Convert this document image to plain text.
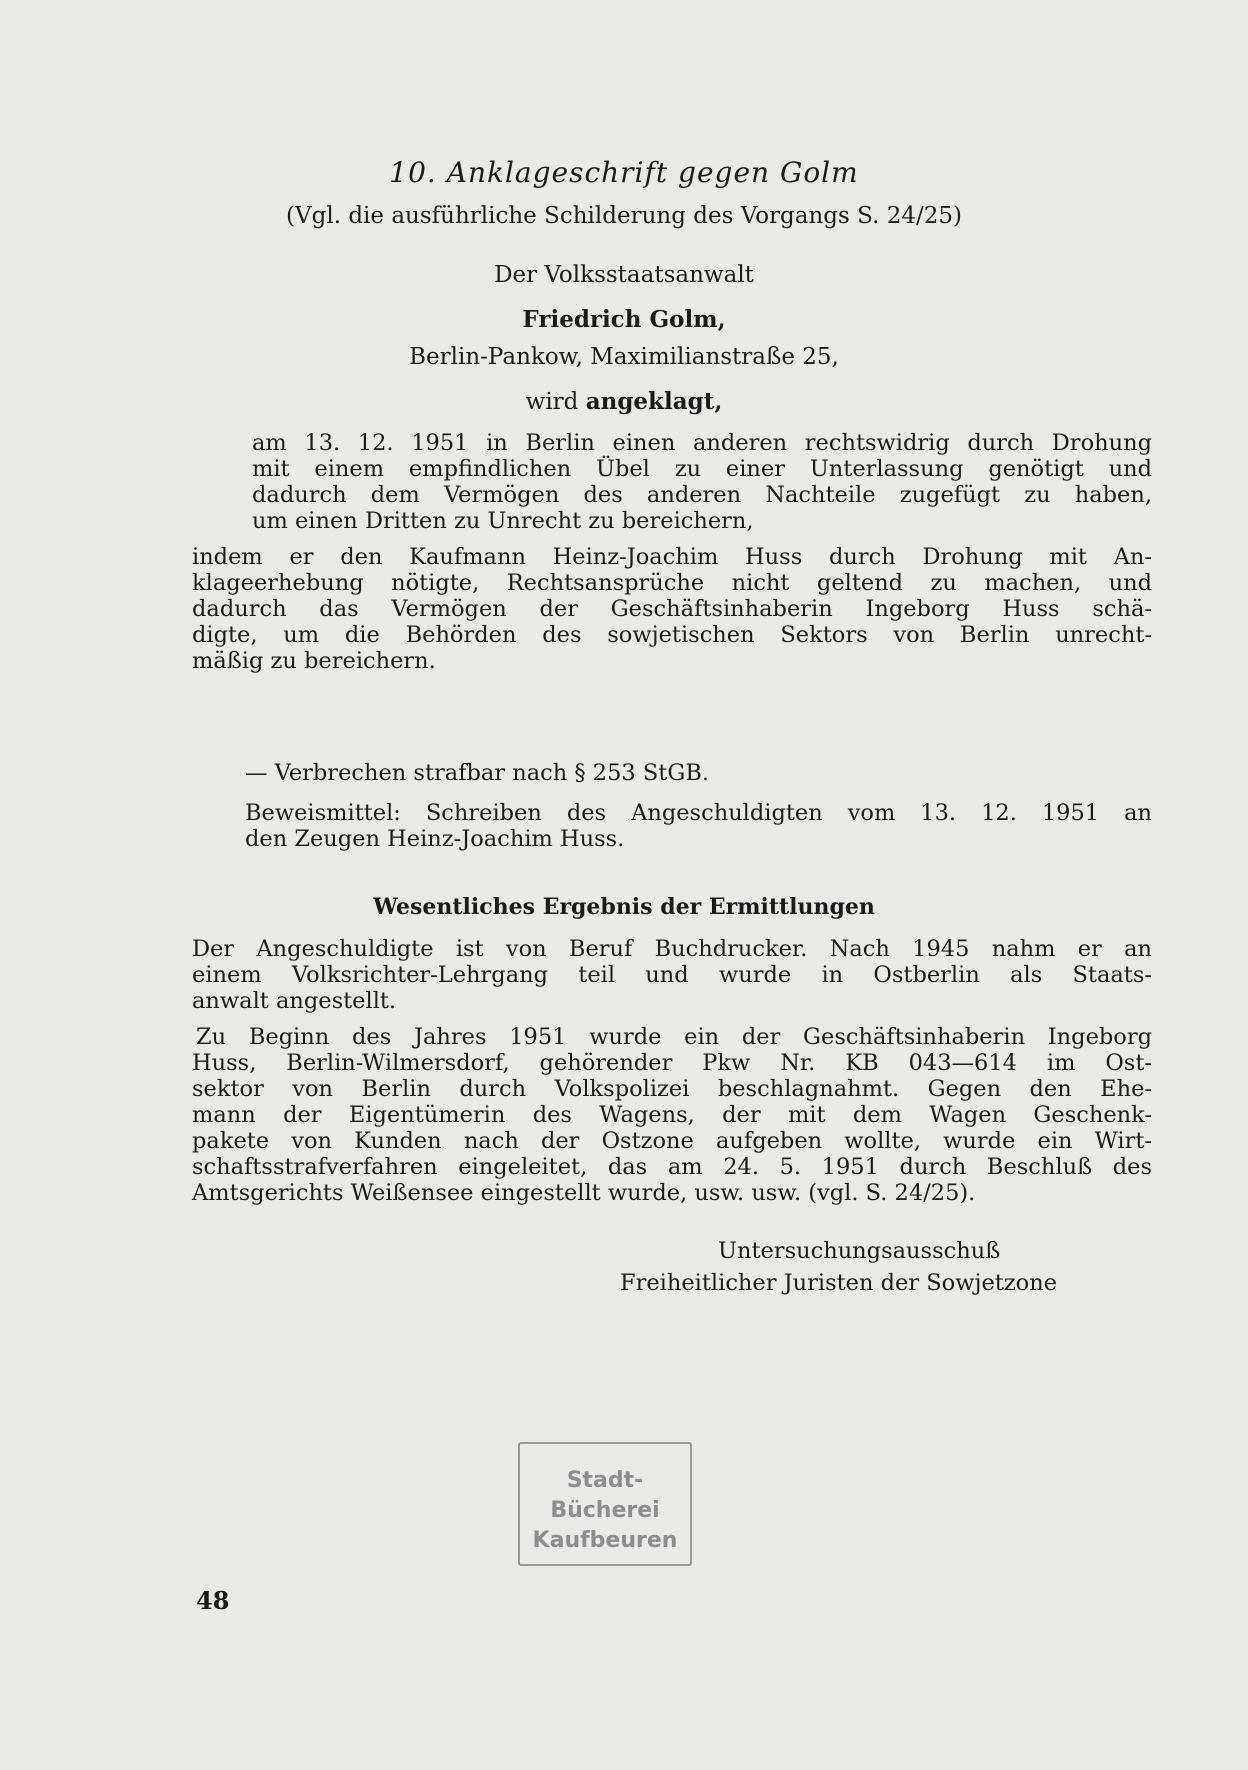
10. Anklageschrift gegen Golm
(Vgl. die ausführliche Schilderung des Vorgangs S. 24/25)
Der Volksstaatsanwalt
Friedrich Golm,
Berlin-Pankow, Maximilianstraße 25,
wird angeklagt,
am 13. 12. 1951 in Berlin einen anderen rechtswidrig durch Drohung
mit einem empfindlichen Übel zu einer Unterlassung genötigt und
dadurch dem Vermögen des anderen Nachteile zugefügt zu haben,
um einen Dritten zu Unrecht zu bereichern,
indem er den Kaufmann Heinz-Joachim Huss durch Drohung mit An-
klageerhebung nötigte, Rechtsansprüche nicht geltend zu machen, und
dadurch das Vermögen der Geschäftsinhaberin Ingeborg Huss schä-
digte, um die Behörden des sowjetischen Sektors von Berlin unrecht-
mäßig zu bereichern.
— Verbrechen strafbar nach § 253 StGB.
Beweismittel: Schreiben des Angeschuldigten vom 13. 12. 1951 an
den Zeugen Heinz-Joachim Huss.
Wesentliches Ergebnis der Ermittlungen
Der Angeschuldigte ist von Beruf Buchdrucker. Nach 1945 nahm er an
einem Volksrichter-Lehrgang teil und wurde in Ostberlin als Staats-
anwalt angestellt.
Zu Beginn des Jahres 1951 wurde ein der Geschäftsinhaberin Ingeborg
Huss, Berlin-Wilmersdorf, gehörender Pkw Nr. KB 043—614 im Ost-
sektor von Berlin durch Volkspolizei beschlagnahmt. Gegen den Ehe-
mann der Eigentümerin des Wagens, der mit dem Wagen Geschenk-
pakete von Kunden nach der Ostzone aufgeben wollte, wurde ein Wirt-
schaftsstrafverfahren eingeleitet, das am 24. 5. 1951 durch Beschluß des
Amtsgerichts Weißensee eingestellt wurde, usw. usw. (vgl. S. 24/25).
Untersuchungsausschuß
Freiheitlicher Juristen der Sowjetzone
Stadt-
Bücherei
Kaufbeuren
48
